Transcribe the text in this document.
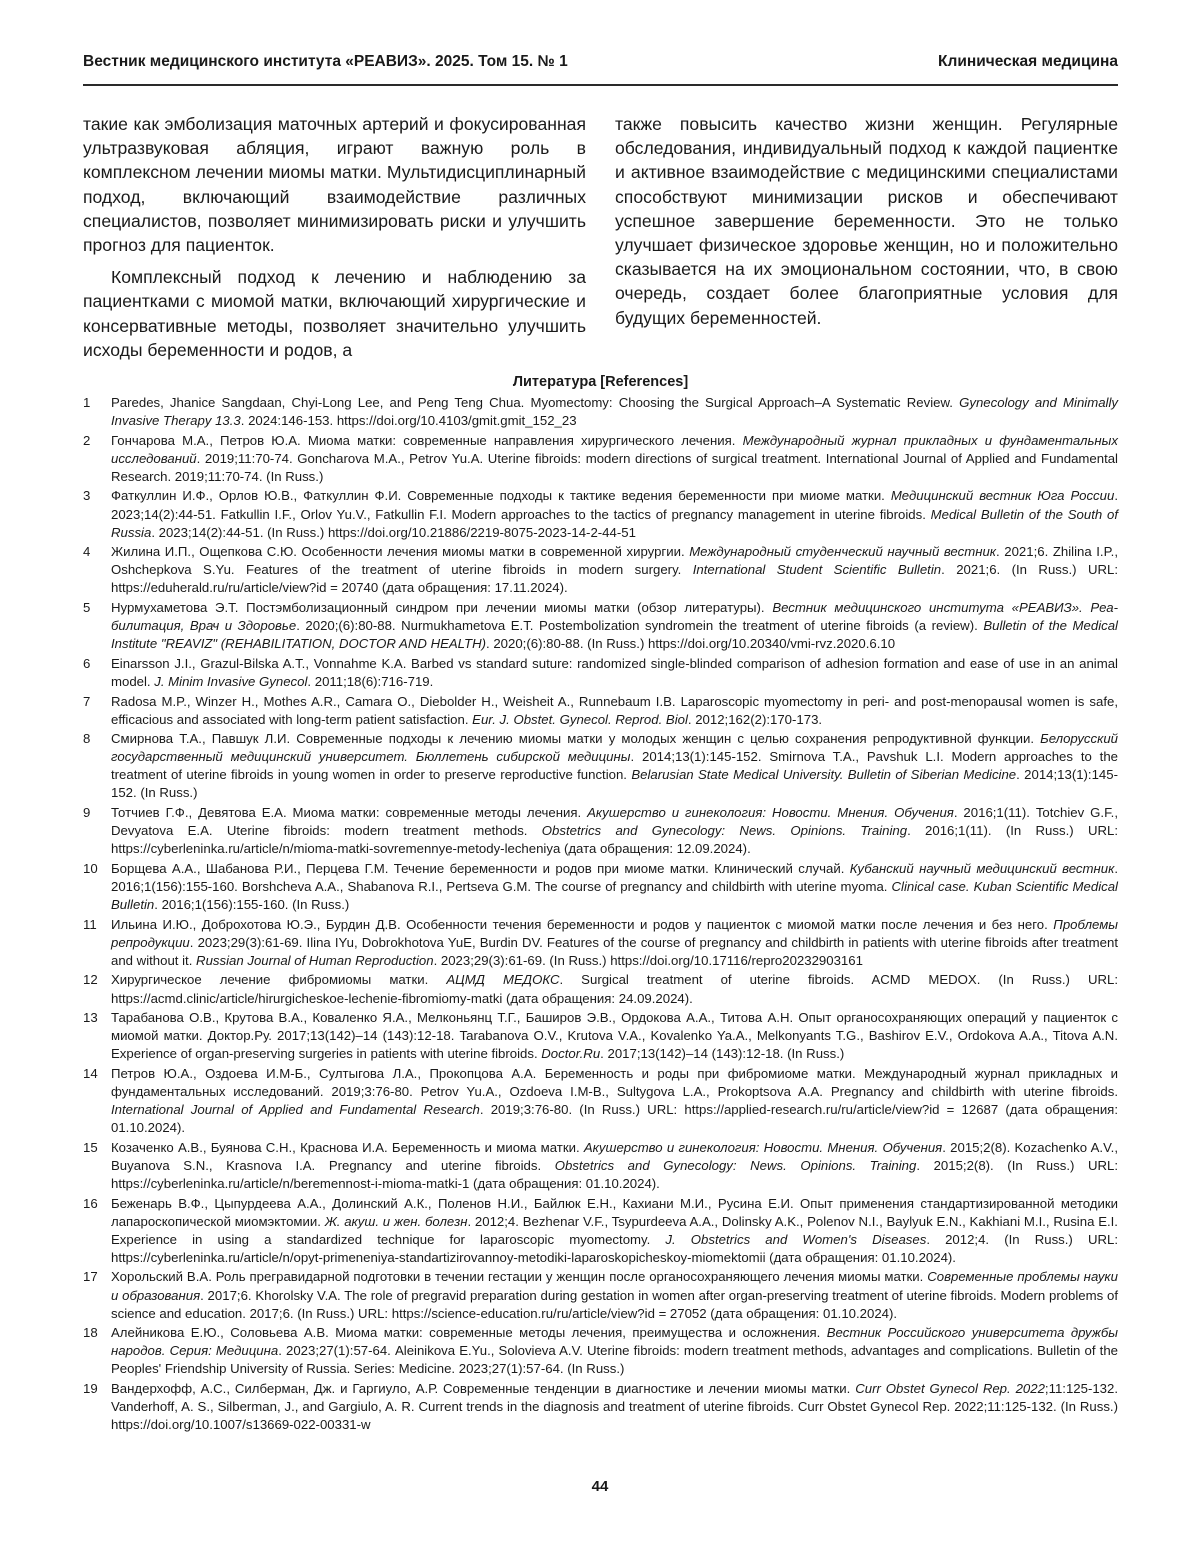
Вестник медицинского института «РЕАВИЗ». 2025. Том 15. № 1	Клиническая медицина

такие как эмболизация маточных артерий и фокусированная ультразвуковая абляция, играют важную роль в комплексном лечении миомы матки. Мультидисциплинарный подход, включающий взаимодействие различных специалистов, позволяет минимизировать риски и улучшить прогноз для пациенток.

Комплексный подход к лечению и наблюдению за пациентками с миомой матки, включающий хирургические и консервативные методы, позволяет значительно улучшить исходы беременности и родов, а

также повысить качество жизни женщин. Регулярные обследования, индивидуальный подход к каждой пациентке и активное взаимодействие с медицинскими специалистами способствуют минимизации рисков и обеспечивают успешное завершение беременности. Это не только улучшает физическое здоровье женщин, но и положительно сказывается на их эмоциональном состоянии, что, в свою очередь, создает более благоприятные условия для будущих беременностей.

Литература [References]
1	Paredes, Jhanice Sangdaan, Chyi-Long Lee, and Peng Teng Chua. Myomectomy: Choosing the Surgical Approach–A Systematic Review. Gynecology and Minimally Invasive Therapy 13.3. 2024:146-153. https://doi.org/10.4103/gmit.gmit_152_23
2	Гончарова М.А., Петров Ю.А. Миома матки: современные направления хирургического лечения. Международный журнал прикладных и фундаментальных исследований. 2019;11:70-74. Goncharova M.A., Petrov Yu.A. Uterine fibroids: modern directions of surgical treatment. International Journal of Applied and Fundamental Research. 2019;11:70-74. (In Russ.)
3	Фаткуллин И.Ф., Орлов Ю.В., Фаткуллин Ф.И. Современные подходы к тактике ведения беременности при миоме матки. Медицинский вестник Юга России. 2023;14(2):44-51. Fatkullin I.F., Orlov Yu.V., Fatkullin F.I. Modern approaches to the tactics of pregnancy management in uterine fibroids. Medical Bulletin of the South of Russia. 2023;14(2):44-51. (In Russ.) https://doi.org/10.21886/2219-8075-2023-14-2-44-51
4	Жилина И.П., Ощепкова С.Ю. Особенности лечения миомы матки в современной хирургии. Международный студенческий научный вестник. 2021;6. Zhilina I.P., Oshchepkova S.Yu. Features of the treatment of uterine fibroids in modern surgery. International Student Scientific Bulletin. 2021;6. (In Russ.) URL: https://eduherald.ru/ru/article/view?id = 20740 (дата обращения: 17.11.2024).
5	Нурмухаметова Э.Т. Постэмболизационный синдром при лечении миомы матки (обзор литературы). Вестник медицинского института «РЕАВИЗ». Реабилитация, Врач и Здоровье. 2020;(6):80-88. Nurmukhametova E.T. Postembolization syndromein the treatment of uterine fibroids (a review). Bulletin of the Medical Institute "REAVIZ" (REHABILITATION, DOCTOR AND HEALTH). 2020;(6):80-88. (In Russ.) https://doi.org/10.20340/vmi-rvz.2020.6.10
6	Einarsson J.I., Grazul-Bilska A.T., Vonnahme K.A. Barbed vs standard suture: randomized single-blinded comparison of adhesion formation and ease of use in an animal model. J. Minim Invasive Gynecol. 2011;18(6):716-719.
7	Radosa M.P., Winzer H., Mothes A.R., Camara O., Diebolder H., Weisheit A., Runnebaum I.B. Laparoscopic myomectomy in peri- and post-menopausal women is safe, efficacious and associated with long-term patient satisfaction. Eur. J. Obstet. Gynecol. Reprod. Biol. 2012;162(2):170-173.
8	Смирнова Т.А., Павшук Л.И. Современные подходы к лечению миомы матки у молодых женщин с целью сохранения репродуктивной функции. Белорусский государственный медицинский университет. Бюллетень сибирской медицины. 2014;13(1):145-152. Smirnova T.A., Pavshuk L.I. Modern approaches to the treatment of uterine fibroids in young women in order to preserve reproductive function. Belarusian State Medical University. Bulletin of Siberian Medicine. 2014;13(1):145-152. (In Russ.)
9	Тотчиев Г.Ф., Девятова Е.А. Миома матки: современные методы лечения. Акушерство и гинекология: Новости. Мнения. Обучения. 2016;1(11). Totchiev G.F., Devyatova E.A. Uterine fibroids: modern treatment methods. Obstetrics and Gynecology: News. Opinions. Training. 2016;1(11). (In Russ.) URL: https://cyberleninka.ru/article/n/mioma-matki-sovremennye-metody-lecheniya (дата обращения: 12.09.2024).
10	Борщева А.А., Шабанова Р.И., Перцева Г.М. Течение беременности и родов при миоме матки. Клинический случай. Кубанский научный медицинский вестник. 2016;1(156):155-160. Borshcheva A.A., Shabanova R.I., Pertseva G.M. The course of pregnancy and childbirth with uterine myoma. Clinical case. Kuban Scientific Medical Bulletin. 2016;1(156):155-160. (In Russ.)
11	Ильина И.Ю., Доброхотова Ю.Э., Бурдин Д.В. Особенности течения беременности и родов у пациенток с миомой матки после лечения и без него. Проблемы репродукции. 2023;29(3):61-69. Ilina IYu, Dobrokhotova YuE, Burdin DV. Features of the course of pregnancy and childbirth in patients with uterine fibroids after treatment and without it. Russian Journal of Human Reproduction. 2023;29(3):61-69. (In Russ.) https://doi.org/10.17116/repro20232903161
12	Хирургическое лечение фибромиомы матки. АЦМД МЕДОКС. Surgical treatment of uterine fibroids. ACMD MEDOX. (In Russ.) URL: https://acmd.clinic/article/hirurgicheskoe-lechenie-fibromiomy-matki (дата обращения: 24.09.2024).
13	Тарабанова О.В., Крутова В.А., Коваленко Я.А., Мелконьянц Т.Г., Баширов Э.В., Ордокова А.А., Титова А.Н. Опыт органосохраняющих операций у пациенток с миомой матки. Доктор.Ру. 2017;13(142)–14 (143):12-18. Tarabanova O.V., Krutova V.A., Kovalenko Ya.A., Melkonyants T.G., Bashirov E.V., Ordokova A.A., Titova A.N. Experience of organ-preserving surgeries in patients with uterine fibroids. Doctor.Ru. 2017;13(142)–14 (143):12-18. (In Russ.)
14	Петров Ю.А., Оздоева И.М-Б., Султыгова Л.А., Прокопцова А.А. Беременность и роды при фибромиоме матки. Международный журнал прикладных и фундаментальных исследований. 2019;3:76-80. Petrov Yu.A., Ozdoeva I.M-B., Sultygova L.A., Prokoptsova A.A. Pregnancy and childbirth with uterine fibroids. International Journal of Applied and Fundamental Research. 2019;3:76-80. (In Russ.) URL: https://applied-research.ru/ru/article/view?id = 12687 (дата обращения: 01.10.2024).
15	Козаченко А.В., Буянова С.Н., Краснова И.А. Беременность и миома матки. Акушерство и гинекология: Новости. Мнения. Обучения. 2015;2(8). Kozachenko A.V., Buyanova S.N., Krasnova I.A. Pregnancy and uterine fibroids. Obstetrics and Gynecology: News. Opinions. Training. 2015;2(8). (In Russ.) URL: https://cyberleninka.ru/article/n/beremennost-i-mioma-matki-1 (дата обращения: 01.10.2024).
16	Беженарь В.Ф., Цыпурдеева А.А., Долинский А.К., Поленов Н.И., Байлюк Е.Н., Кахиани М.И., Русина Е.И. Опыт применения стандартизированной методики лапароскопической миомэктомии. Ж. акуш. и жен. болезн. 2012;4. Bezhenar V.F., Tsypurdeeva A.A., Dolinsky A.K., Polenov N.I., Baylyuk E.N., Kakhiani M.I., Rusina E.I. Experience in using a standardized technique for laparoscopic myomectomy. J. Obstetrics and Women's Diseases. 2012;4. (In Russ.) URL: https://cyberleninka.ru/article/n/opyt-primeneniya-standartizirovannoy-metodiki-laparoskopicheskoy-miomektomii (дата обращения: 01.10.2024).
17	Хорольский В.А. Роль прегравидарной подготовки в течении гестации у женщин после органосохраняющего лечения миомы матки. Современные проблемы науки и образования. 2017;6. Khorolsky V.A. The role of pregravid preparation during gestation in women after organ-preserving treatment of uterine fibroids. Modern problems of science and education. 2017;6. (In Russ.) URL: https://science-education.ru/ru/article/view?id = 27052 (дата обращения: 01.10.2024).
18	Алейникова Е.Ю., Соловьева А.В. Миома матки: современные методы лечения, преимущества и осложнения. Вестник Российского университета дружбы народов. Серия: Медицина. 2023;27(1):57-64. Aleinikova E.Yu., Solovieva A.V. Uterine fibroids: modern treatment methods, advantages and complications. Bulletin of the Peoples' Friendship University of Russia. Series: Medicine. 2023;27(1):57-64. (In Russ.)
19	Вандерхофф, А.С., Силберман, Дж. и Гаргиуло, А.Р. Современные тенденции в диагностике и лечении миомы матки. Curr Obstet Gynecol Rep. 2022;11:125-132. Vanderhoff, A. S., Silberman, J., and Gargiulo, A. R. Current trends in the diagnosis and treatment of uterine fibroids. Curr Obstet Gynecol Rep. 2022;11:125-132. (In Russ.) https://doi.org/10.1007/s13669-022-00331-w
44
